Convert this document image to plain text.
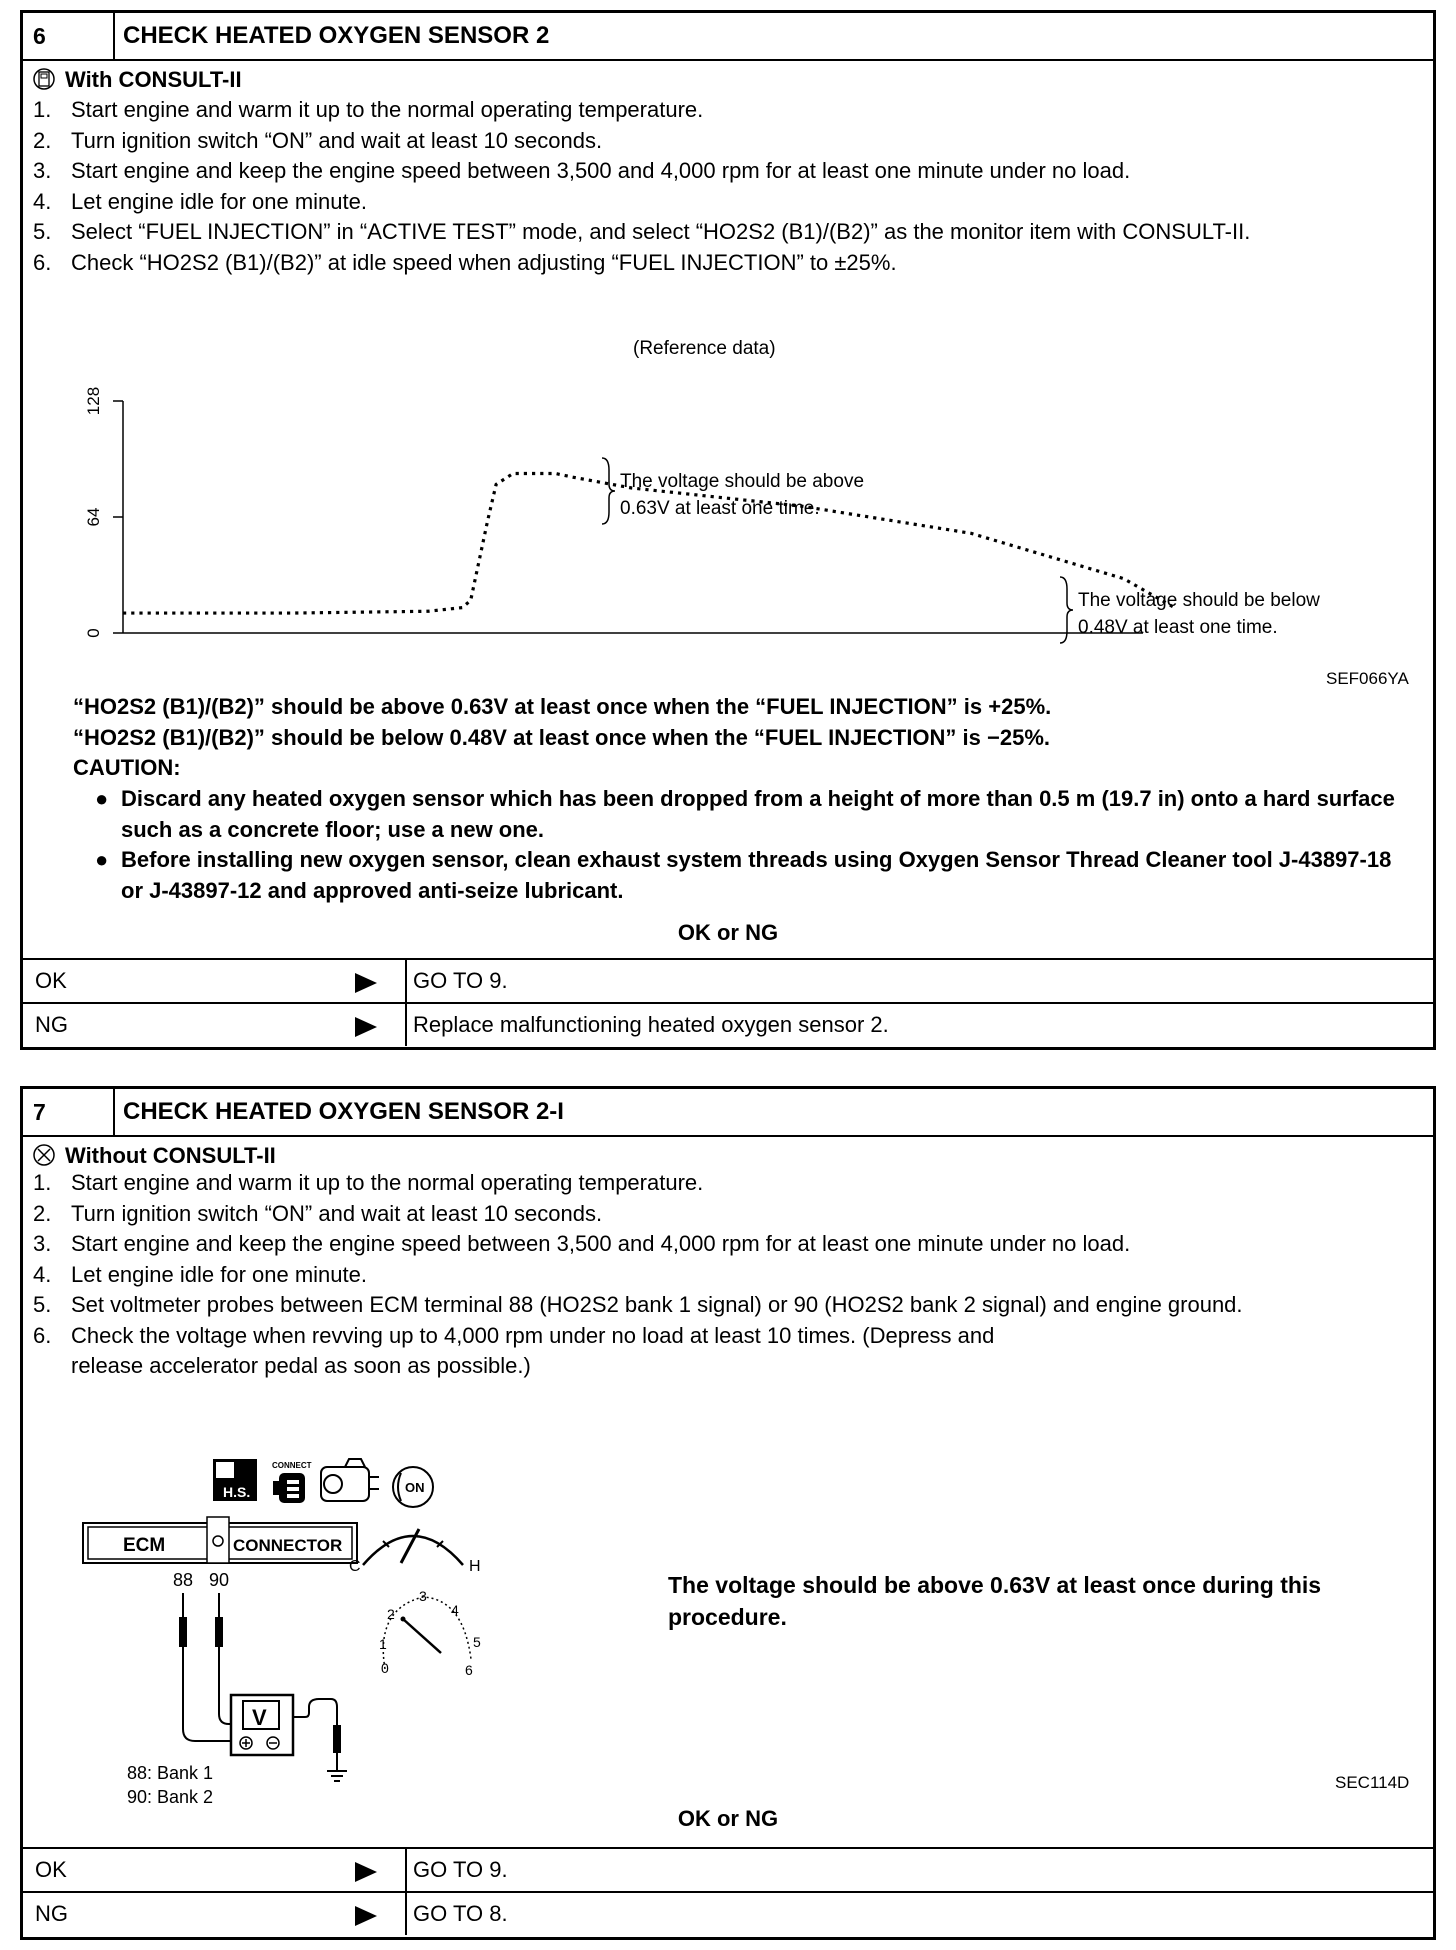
6	CHECK HEATED OXYGEN SENSOR 2
With CONSULT-II
1. Start engine and warm it up to the normal operating temperature.
2. Turn ignition switch “ON” and wait at least 10 seconds.
3. Start engine and keep the engine speed between 3,500 and 4,000 rpm for at least one minute under no load.
4. Let engine idle for one minute.
5. Select “FUEL INJECTION” in “ACTIVE TEST” mode, and select “HO2S2 (B1)/(B2)” as the monitor item with CONSULT-II.
6. Check “HO2S2 (B1)/(B2)” at idle speed when adjusting “FUEL INJECTION” to ±25%.
(Reference data)
0
64
128
The voltage should be above
0.63V at least one time.
The voltage should be below
0.48V at least one time.
SEF066YA
“HO2S2 (B1)/(B2)” should be above 0.63V at least once when the “FUEL INJECTION” is +25%.
“HO2S2 (B1)/(B2)” should be below 0.48V at least once when the “FUEL INJECTION” is −25%.
CAUTION:
● Discard any heated oxygen sensor which has been dropped from a height of more than 0.5 m (19.7 in) onto a hard surface such as a concrete floor; use a new one.
● Before installing new oxygen sensor, clean exhaust system threads using Oxygen Sensor Thread Cleaner tool J-43897-18 or J-43897-12 and approved anti-seize lubricant.
OK or NG
OK	GO TO 9.
NG	Replace malfunctioning heated oxygen sensor 2.
7	CHECK HEATED OXYGEN SENSOR 2-I
Without CONSULT-II
1. Start engine and warm it up to the normal operating temperature.
2. Turn ignition switch “ON” and wait at least 10 seconds.
3. Start engine and keep the engine speed between 3,500 and 4,000 rpm for at least one minute under no load.
4. Let engine idle for one minute.
5. Set voltmeter probes between ECM terminal 88 (HO2S2 bank 1 signal) or 90 (HO2S2 bank 2 signal) and engine ground.
6. Check the voltage when revving up to 4,000 rpm under no load at least 10 times. (Depress and release accelerator pedal as soon as possible.)
H.S.
CONNECT
ON
ECM	CONNECTOR
88 90
V
C	H
0
1
2
3
4
5
6
88: Bank 1
90: Bank 2
The voltage should be above 0.63V at least once during this procedure.
SEC114D
OK or NG
OK	GO TO 9.
NG	GO TO 8.
